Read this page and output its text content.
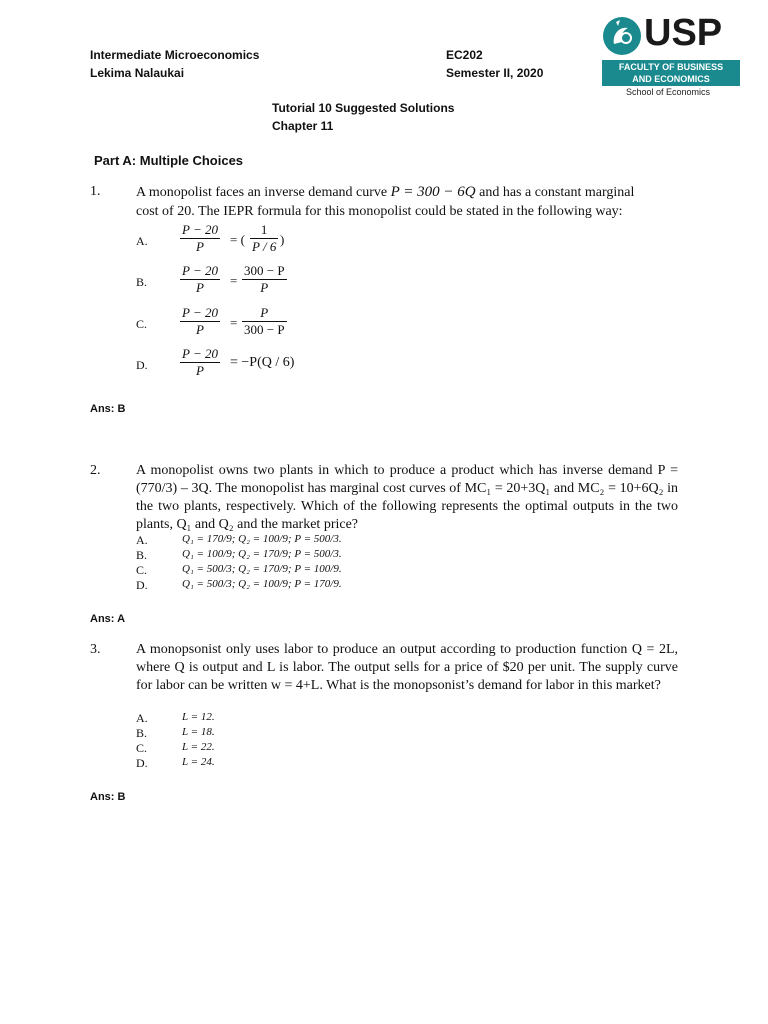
Intermediate Microeconomics
Lekima Nalaukai
EC202
Semester II, 2020
USP
FACULTY OF BUSINESS
AND ECONOMICS
School of Economics
Tutorial 10 Suggested Solutions
Chapter 11
Part A: Multiple Choices
1.	A monopolist faces an inverse demand curve P = 300 − 6Q and has a constant marginal
cost of 20. The IEPR formula for this monopolist could be stated in the following way:
A. $\frac{P - 20}{P}$ = ( $\frac{1}{P / 6}$ )
B.	$\frac{P - 20}{P} = \frac{300 - P}{P}$
C.	$\frac{P - 20}{P} = \frac{P}{300 - P}$
D. $\frac{P - 20}{P} = -P(Q / 6)$
Ans: B
2.	A monopolist owns two plants in which to produce a product which has inverse demand P = (770/3) – 3Q. The monopolist has marginal cost curves of MC₁ = 20+3Q₁ and MC₂ = 10+6Q₂ in the two plants, respectively. Which of the following represents the optimal outputs in the two plants, Q₁ and Q₂ and the market price?
A.	Q₁ = 170/9; Q₂ = 100/9; P = 500/3.
B.	Q₁ = 100/9; Q₂ = 170/9; P = 500/3.
C.	Q₁ = 500/3; Q₂ = 170/9; P = 100/9.
D.	Q₁ = 500/3; Q₂ = 100/9; P = 170/9.
Ans: A
3.	A monopsonist only uses labor to produce an output according to production function Q = 2L, where Q is output and L is labor. The output sells for a price of $20 per unit. The supply curve for labor can be written w = 4+L. What is the monopsonist’s demand for labor in this market?
A.	L = 12.
B.	L = 18.
C.	L = 22.
D.	L = 24.
Ans: B
